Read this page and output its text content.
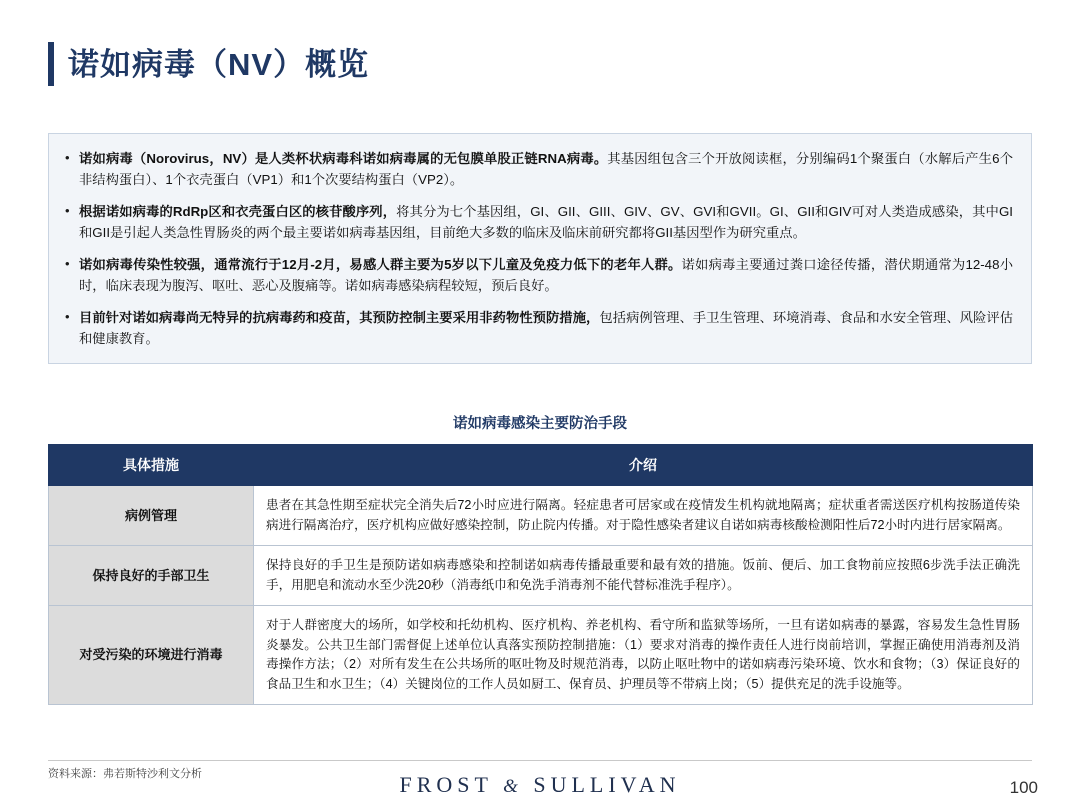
诺如病毒（NV）概览
• 诺如病毒（Norovirus，NV）是人类杯状病毒科诺如病毒属的无包膜单股正链RNA病毒。其基因组包含三个开放阅读框，分别编码1个聚蛋白（水解后产生6个非结构蛋白）、1个衣壳蛋白（VP1）和1个次要结构蛋白（VP2）。
• 根据诺如病毒的RdRp区和衣壳蛋白区的核苷酸序列，将其分为七个基因组，GI、GII、GIII、GIV、GV、GVI和GVII。GI、GII和GIV可对人类造成感染，其中GI和GII是引起人类急性胃肠炎的两个最主要诺如病毒基因组，目前绝大多数的临床及临床前研究都将GII基因型作为研究重点。
• 诺如病毒传染性较强，通常流行于12月-2月，易感人群主要为5岁以下儿童及免疫力低下的老年人群。诺如病毒主要通过粪口途径传播，潜伏期通常为12-48小时，临床表现为腹泻、呕吐、恶心及腹痛等。诺如病毒感染病程较短，预后良好。
• 目前针对诺如病毒尚无特异的抗病毒药和疫苗，其预防控制主要采用非药物性预防措施，包括病例管理、手卫生管理、环境消毒、食品和水安全管理、风险评估和健康教育。
诺如病毒感染主要防治手段
具体措施	介绍
病例管理	患者在其急性期至症状完全消失后72小时应进行隔离。轻症患者可居家或在疫情发生机构就地隔离；症状重者需送医疗机构按肠道传染病进行隔离治疗，医疗机构应做好感染控制，防止院内传播。对于隐性感染者建议自诺如病毒核酸检测阳性后72小时内进行居家隔离。
保持良好的手部卫生	保持良好的手卫生是预防诺如病毒感染和控制诺如病毒传播最重要和最有效的措施。饭前、便后、加工食物前应按照6步洗手法正确洗手，用肥皂和流动水至少洗20秒（消毒纸巾和免洗手消毒剂不能代替标准洗手程序）。
对受污染的环境进行消毒	对于人群密度大的场所，如学校和托幼机构、医疗机构、养老机构、看守所和监狱等场所，一旦有诺如病毒的暴露，容易发生急性胃肠炎暴发。公共卫生部门需督促上述单位认真落实预防控制措施：（1）要求对消毒的操作责任人进行岗前培训，掌握正确使用消毒剂及消毒操作方法；（2）对所有发生在公共场所的呕吐物及时规范消毒，以防止呕吐物中的诺如病毒污染环境、饮水和食物；（3）保证良好的食品卫生和水卫生；（4）关键岗位的工作人员如厨工、保育员、护理员等不带病上岗；（5）提供充足的洗手设施等。
资料来源：弗若斯特沙利文分析	FROST & SULLIVAN	100
